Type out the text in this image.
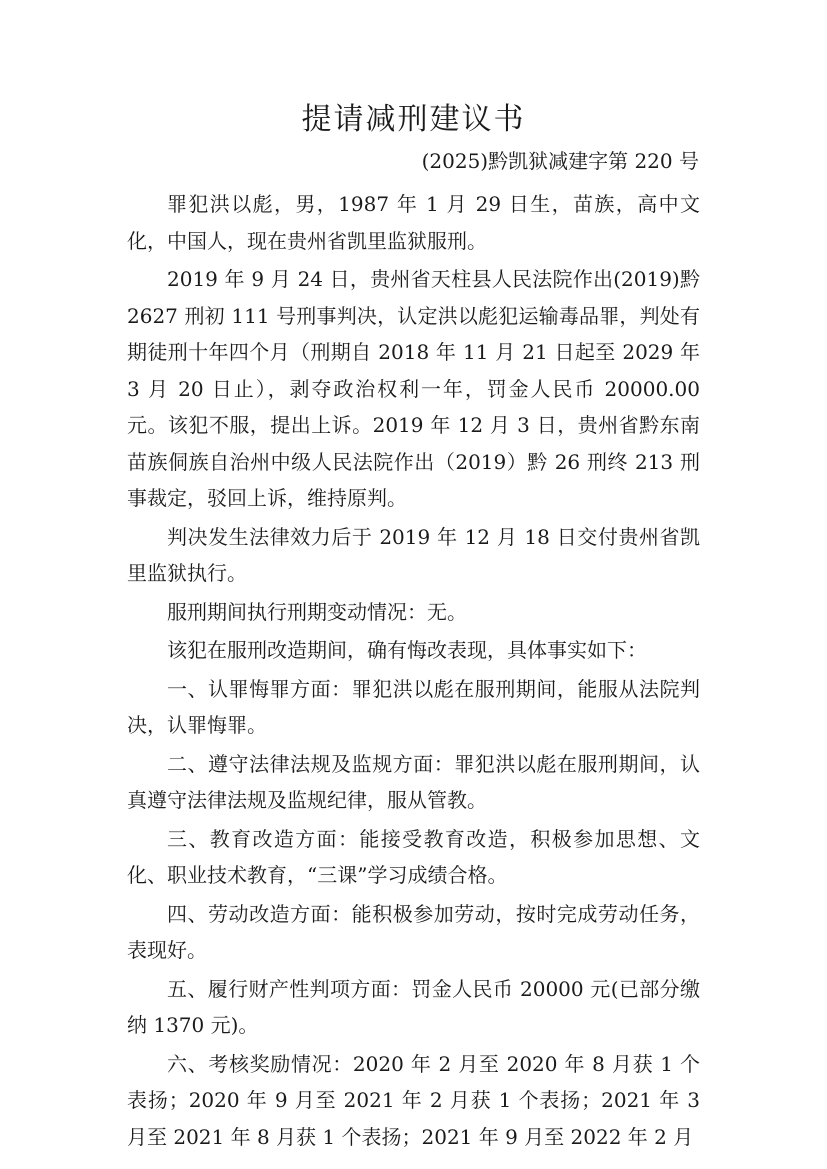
提请减刑建议书
(2025)黔凯狱减建字第 220 号

罪犯洪以彪，男，1987 年 1 月 29 日生，苗族，高中文化，中国人，现在贵州省凯里监狱服刑。

2019 年 9 月 24 日，贵州省天柱县人民法院作出(2019)黔 2627 刑初 111 号刑事判决，认定洪以彪犯运输毒品罪，判处有期徒刑十年四个月（刑期自 2018 年 11 月 21 日起至 2029 年 3 月 20 日止），剥夺政治权利一年，罚金人民币 20000.00 元。该犯不服，提出上诉。2019 年 12 月 3 日，贵州省黔东南苗族侗族自治州中级人民法院作出（2019）黔 26 刑终 213 刑事裁定，驳回上诉，维持原判。

判决发生法律效力后于 2019 年 12 月 18 日交付贵州省凯里监狱执行。

服刑期间执行刑期变动情况：无。

该犯在服刑改造期间，确有悔改表现，具体事实如下：

一、认罪悔罪方面：罪犯洪以彪在服刑期间，能服从法院判决，认罪悔罪。

二、遵守法律法规及监规方面：罪犯洪以彪在服刑期间，认真遵守法律法规及监规纪律，服从管教。

三、教育改造方面：能接受教育改造，积极参加思想、文化、职业技术教育，“三课”学习成绩合格。

四、劳动改造方面：能积极参加劳动，按时完成劳动任务，表现好。

五、履行财产性判项方面：罚金人民币 20000 元(已部分缴纳 1370 元)。

六、考核奖励情况：2020 年 2 月至 2020 年 8 月获 1 个表扬；2020 年 9 月至 2021 年 2 月获 1 个表扬；2021 年 3 月至 2021 年 8 月获 1 个表扬；2021 年 9 月至 2022 年 2 月
